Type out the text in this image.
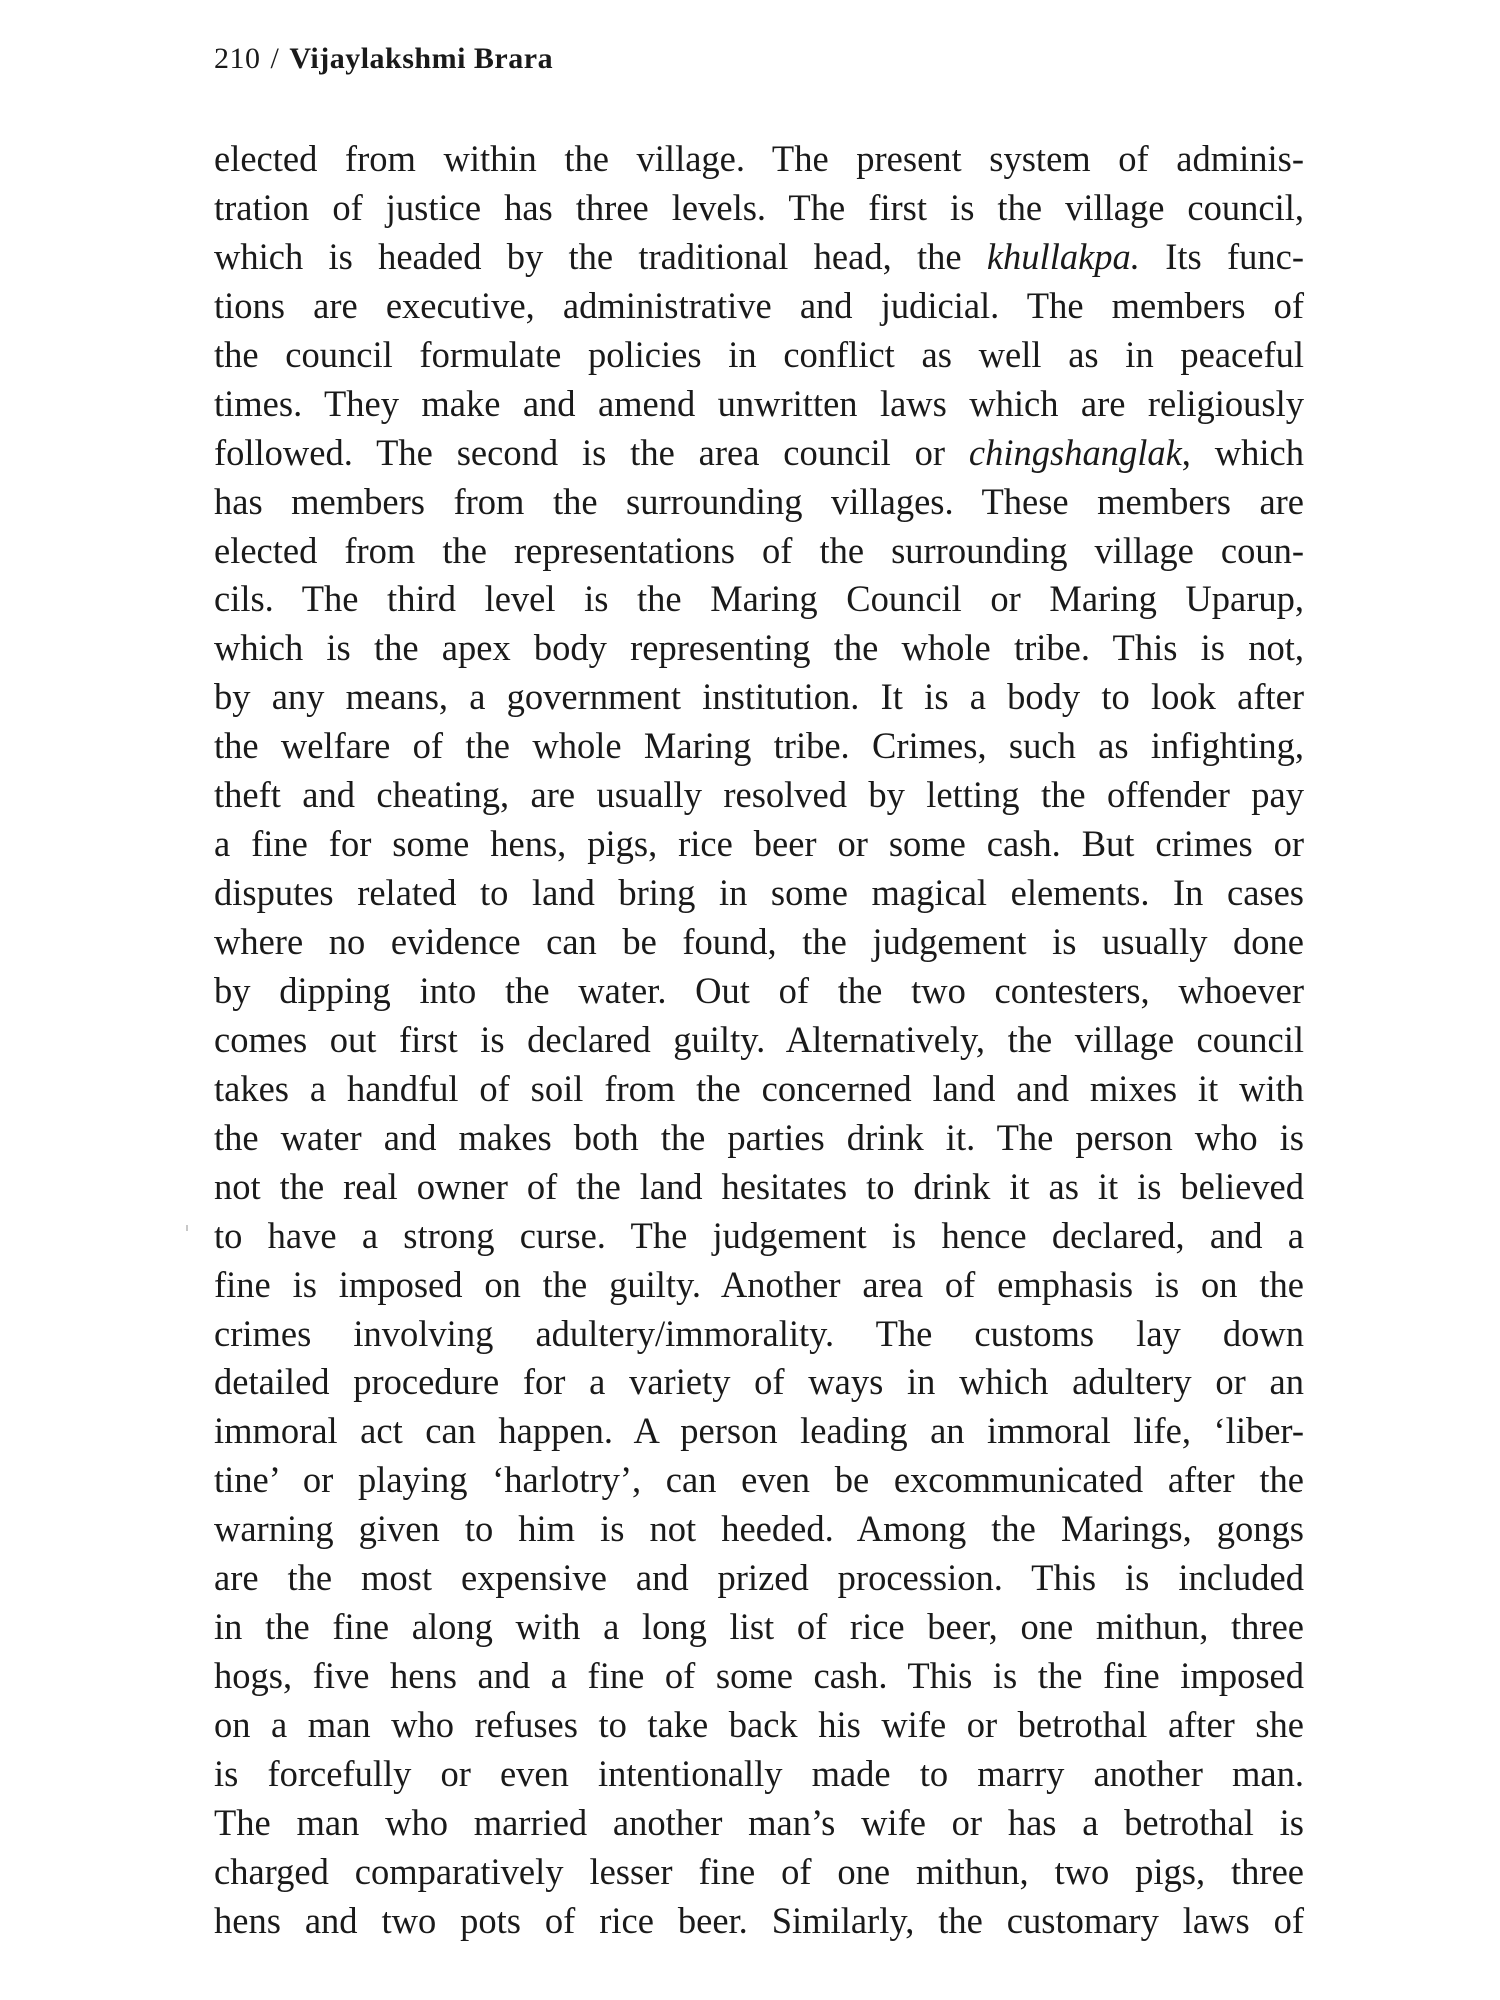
210 / Vijaylakshmi Brara
elected from within the village. The present system of adminis-
tration of justice has three levels. The first is the village council,
which is headed by the traditional head, the khullakpa. Its func-
tions are executive, administrative and judicial. The members of
the council formulate policies in conflict as well as in peaceful
times. They make and amend unwritten laws which are religiously
followed. The second is the area council or chingshanglak, which
has members from the surrounding villages. These members are
elected from the representations of the surrounding village coun-
cils. The third level is the Maring Council or Maring Uparup,
which is the apex body representing the whole tribe. This is not,
by any means, a government institution. It is a body to look after
the welfare of the whole Maring tribe. Crimes, such as infighting,
theft and cheating, are usually resolved by letting the offender pay
a fine for some hens, pigs, rice beer or some cash. But crimes or
disputes related to land bring in some magical elements. In cases
where no evidence can be found, the judgement is usually done
by dipping into the water. Out of the two contesters, whoever
comes out first is declared guilty. Alternatively, the village council
takes a handful of soil from the concerned land and mixes it with
the water and makes both the parties drink it. The person who is
not the real owner of the land hesitates to drink it as it is believed
to have a strong curse. The judgement is hence declared, and a
fine is imposed on the guilty. Another area of emphasis is on the
crimes involving adultery/immorality. The customs lay down
detailed procedure for a variety of ways in which adultery or an
immoral act can happen. A person leading an immoral life, ‘liber-
tine’ or playing ‘harlotry’, can even be excommunicated after the
warning given to him is not heeded. Among the Marings, gongs
are the most expensive and prized procession. This is included
in the fine along with a long list of rice beer, one mithun, three
hogs, five hens and a fine of some cash. This is the fine imposed
on a man who refuses to take back his wife or betrothal after she
is forcefully or even intentionally made to marry another man.
The man who married another man’s wife or has a betrothal is
charged comparatively lesser fine of one mithun, two pigs, three
hens and two pots of rice beer. Similarly, the customary laws of
